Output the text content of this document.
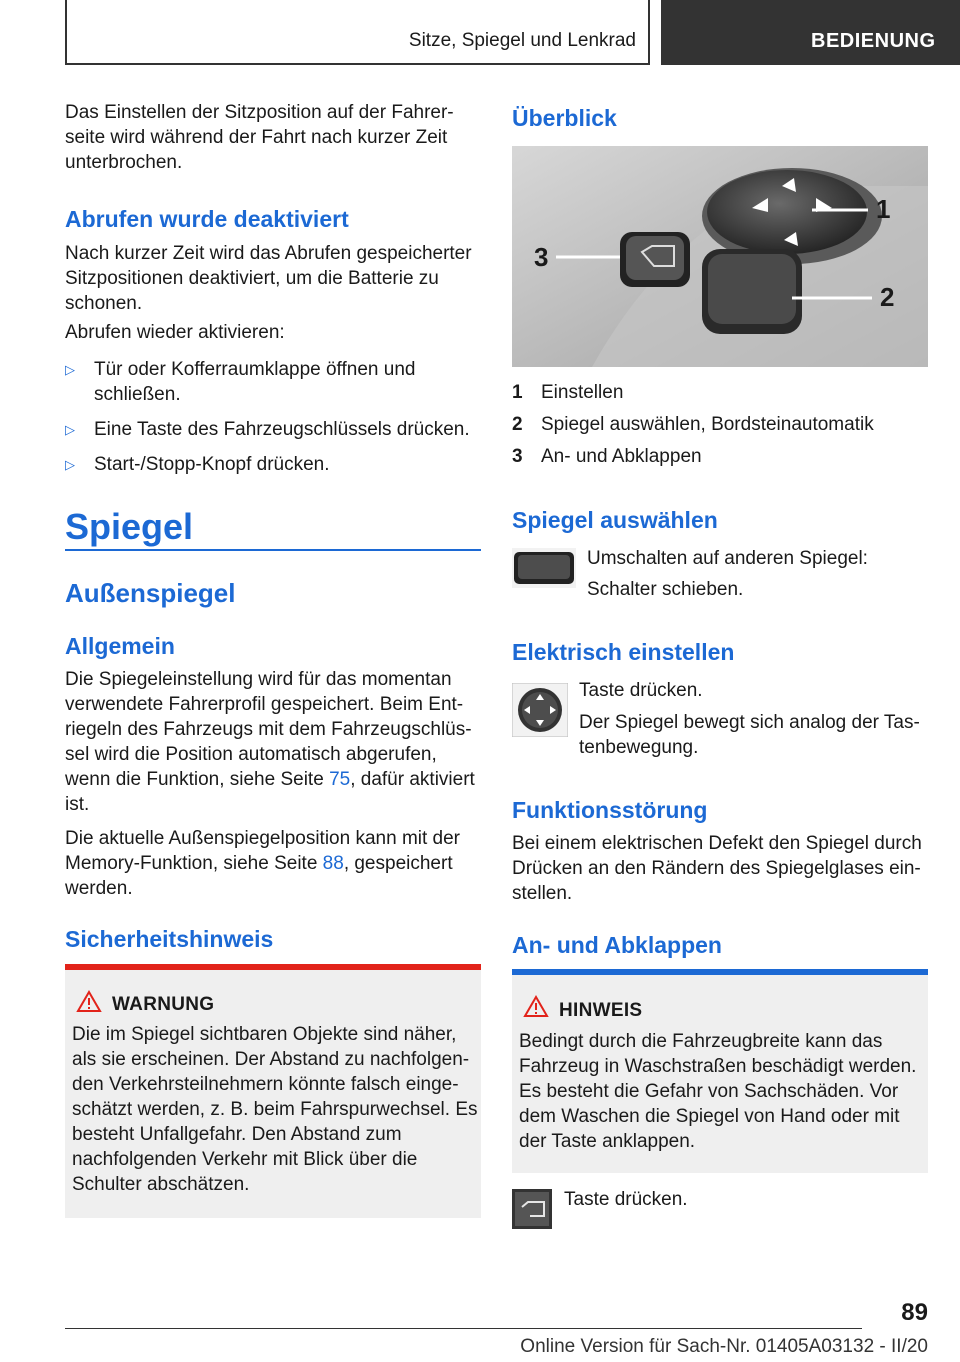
Sitze, Spiegel und Lenkrad	BEDIENUNG

Das Einstellen der Sitzposition auf der Fahrer-seite wird während der Fahrt nach kurzer Zeit unterbrochen.

Abrufen wurde deaktiviert

Nach kurzer Zeit wird das Abrufen gespeicherter Sitzpositionen deaktiviert, um die Batterie zu schonen.

Abrufen wieder aktivieren:

▷ Tür oder Kofferraumklappe öffnen und schließen.
▷ Eine Taste des Fahrzeugschlüssels drücken.
▷ Start-/Stopp-Knopf drücken.
Spiegel
Außenspiegel
Allgemein

Die Spiegeleinstellung wird für das momentan verwendete Fahrerprofil gespeichert. Beim Ent-riegeln des Fahrzeugs mit dem Fahrzeugschlüs-sel wird die Position automatisch abgerufen, wenn die Funktion, siehe Seite 75, dafür aktiviert ist.

Die aktuelle Außenspiegelposition kann mit der Memory-Funktion, siehe Seite 88, gespeichert werden.

Sicherheitshinweis
WARNUNG

Die im Spiegel sichtbaren Objekte sind näher, als sie erscheinen. Der Abstand zu nachfolgen-den Verkehrsteilnehmern könnte falsch einge-schätzt werden, z. B. beim Fahrspurwechsel. Es besteht Unfallgefahr. Den Abstand zum nachfolgenden Verkehr mit Blick über die Schulter abschätzen.

Überblick
1
2
3
1 Einstellen
2 Spiegel auswählen, Bordsteinautomatik
3 An- und Abklappen
Spiegel auswählen

Umschalten auf anderen Spiegel:

Schalter schieben.

Elektrisch einstellen

Taste drücken.

Der Spiegel bewegt sich analog der Tas-tenbewegung.

Funktionsstörung

Bei einem elektrischen Defekt den Spiegel durch Drücken an den Rändern des Spiegelglases ein-stellen.

An- und Abklappen
HINWEIS

Bedingt durch die Fahrzeugbreite kann das Fahrzeug in Waschstraßen beschädigt werden. Es besteht die Gefahr von Sachschäden. Vor dem Waschen die Spiegel von Hand oder mit der Taste anklappen.

Taste drücken.

89
Online Version für Sach-Nr. 01405A03132 - II/20
